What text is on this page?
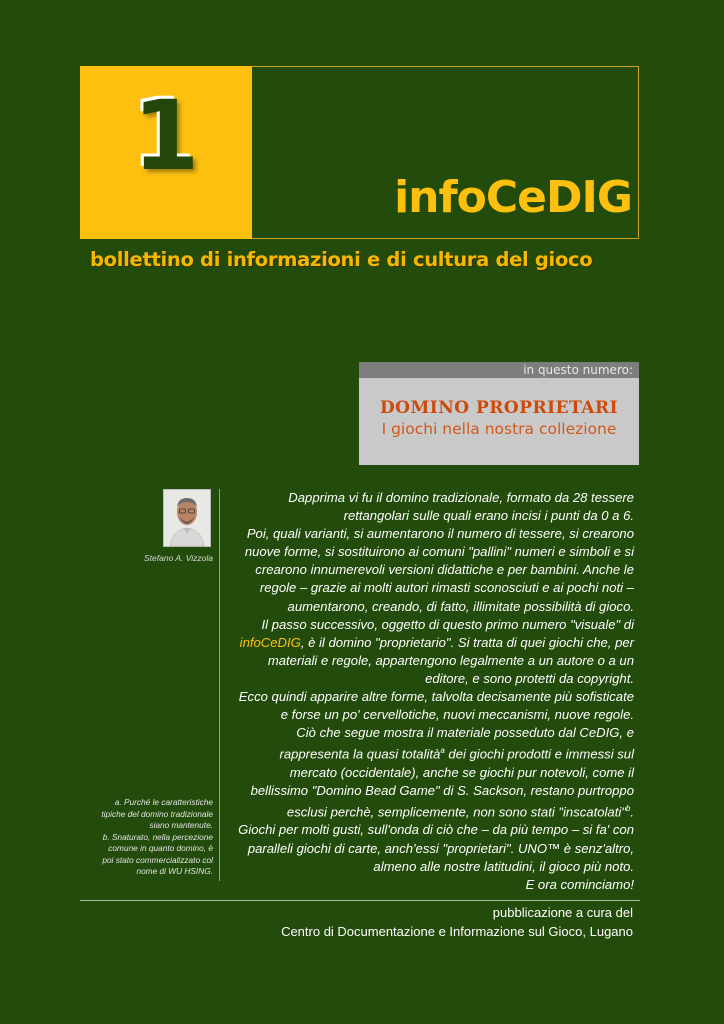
1
infoCeDIG
bollettino di informazioni e di cultura del gioco
in questo numero:
DOMINO PROPRIETARI
I giochi nella nostra collezione
Stefano A. Vizzola

Dapprima vi fu il domino tradizionale, formato da 28 tessere

rettangolari sulle quali erano incisi i punti da 0 a 6.

Poi, quali varianti, si aumentarono il numero di tessere, si crearono

nuove forme, si sostituirono ai comuni "pallini" numeri e simboli e si

crearono innumerevoli versioni didattiche e per bambini. Anche le

regole – grazie ai molti autori rimasti sconosciuti e ai pochi noti –

aumentarono, creando, di fatto, illimitate possibilità di gioco.

Il passo successivo, oggetto di questo primo numero "visuale" di

infoCeDIG, è il domino "proprietario". Si tratta di quei giochi che, per

materiali e regole, appartengono legalmente a un autore o a un

editore, e sono protetti da copyright.

Ecco quindi apparire altre forme, talvolta decisamente più sofisticate

e forse un po' cervellotiche, nuovi meccanismi, nuove regole.

Ciò che segue mostra il materiale posseduto dal CeDIG, e

rappresenta la quasi totalità$^a$ dei giochi prodotti e immessi sul

mercato (occidentale), anche se giochi pur notevoli, come il

bellissimo "Domino Bead Game" di S. Sackson, restano purtroppo

esclusi perchè, semplicemente, non sono stati "inscatolati"$^b$.

Giochi per molti gusti, sull'onda di ciò che – da più tempo – si fa' con

paralleli giochi di carte, anch'essi "proprietari". UNO™ è senz'altro,

almeno alle nostre latitudini, il gioco più noto.

E ora cominciamo!

a. Purché le caratteristiche

tipiche del domino tradizionale

siano mantenute.

b. Snaturato, nella percezione

comune in quanto domino, è

poi stato commercializzato col

nome di WU HSING.

pubblicazione a cura del

Centro di Documentazione e Informazione sul Gioco, Lugano
